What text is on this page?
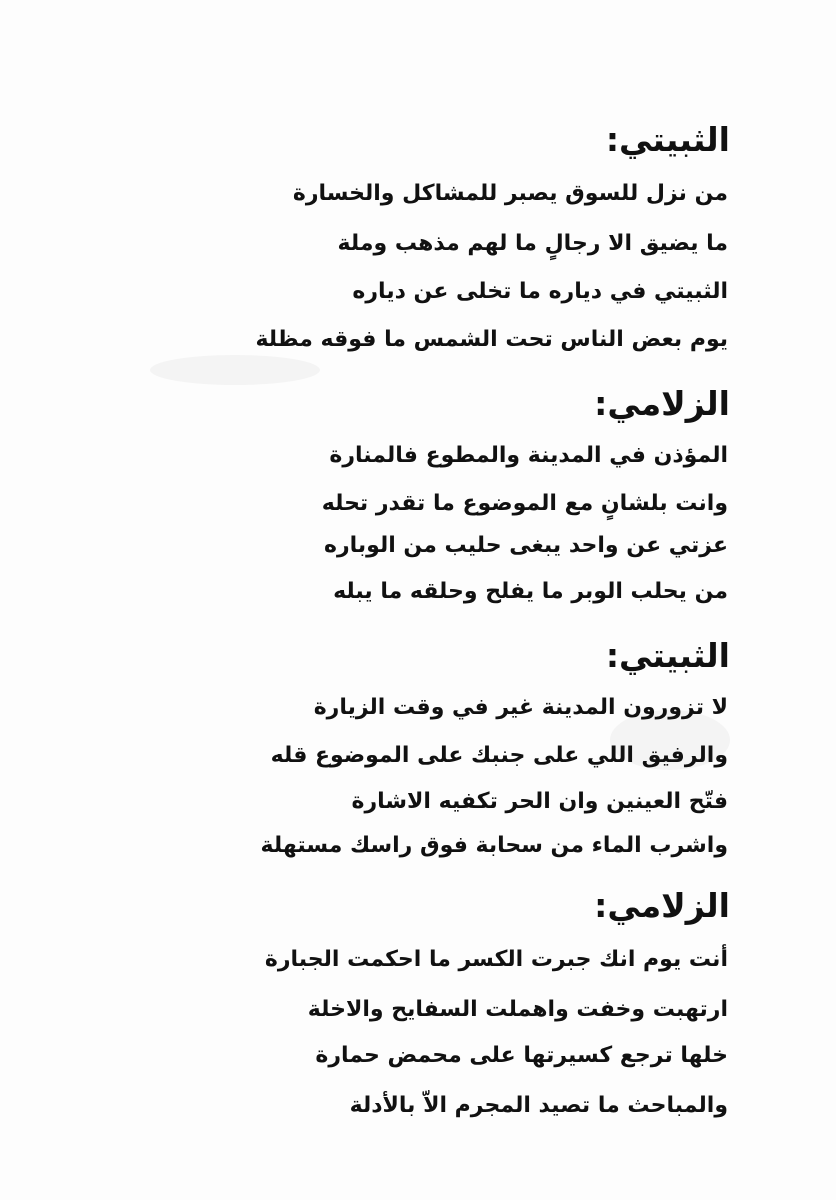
الثبيتي:
من نزل للسوق يصبر للمشاكل والخسارة
ما يضيق الا رجالٍ ما لهم مذهب وملة
الثبيتي في دياره ما تخلى عن دياره
يوم بعض الناس تحت الشمس ما فوقه مظلة
الزلامي:
المؤذن في المدينة والمطوع فالمنارة
وانت بلشانٍ مع الموضوع ما تقدر تحله
عزتي عن واحد يبغى حليب من الوباره
من يحلب الوبر ما يفلح وحلقه ما يبله
الثبيتي:
لا تزورون المدينة غير في وقت الزيارة
والرفيق اللي على جنبك على الموضوع قله
فتّح العينين وان الحر تكفيه الاشارة
واشرب الماء من سحابة فوق راسك مستهلة
الزلامي:
أنت يوم انك جبرت الكسر ما احكمت الجبارة
ارتهبت وخفت واهملت السفايح والاخلة
خلها ترجع كسيرتها على محمض حمارة
والمباحث ما تصيد المجرم الاّ بالأدلة
